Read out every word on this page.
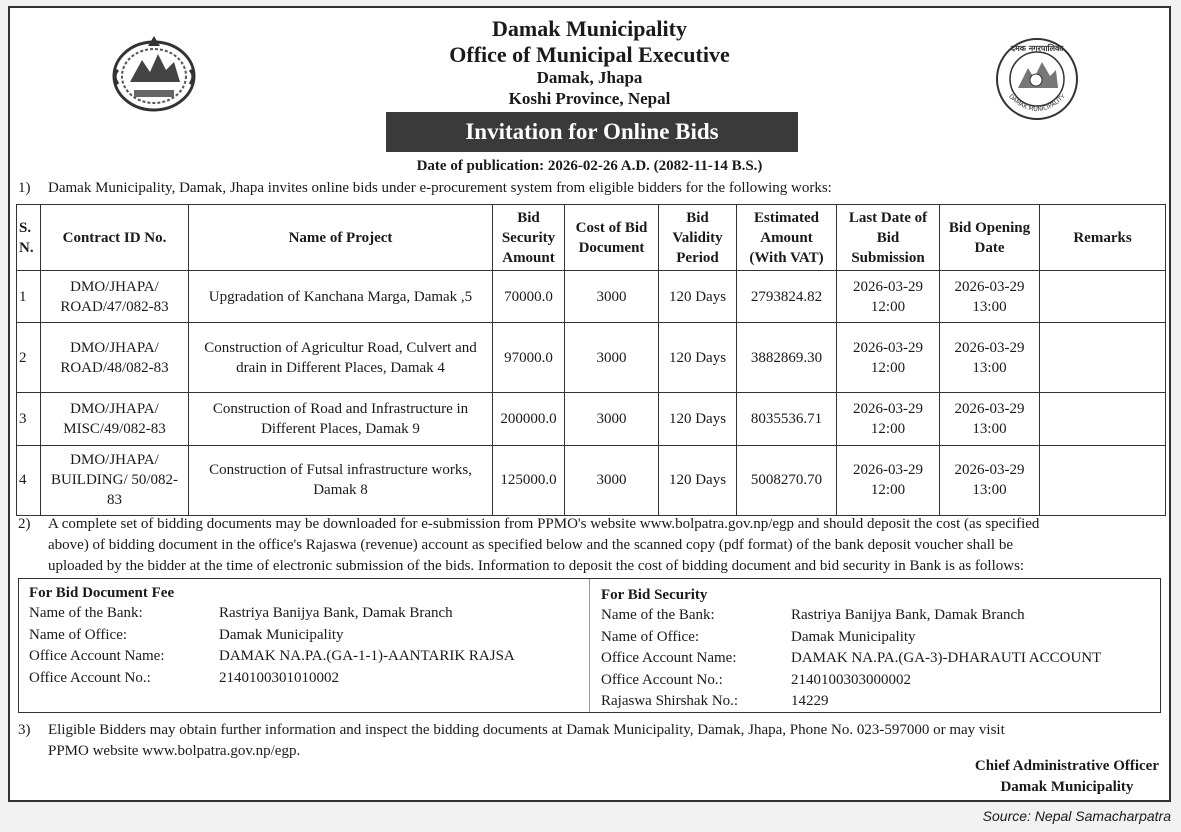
Damak Municipality
Office of Municipal Executive
Damak, Jhapa
Koshi Province, Nepal
दमक नगरपालिका
DAMAK MUNICIPALITY
Invitation for Online Bids
Date of publication: 2026-02-26 A.D. (2082-11-14 B.S.)
1) Damak Municipality, Damak, Jhapa invites online bids under e-procurement system from eligible bidders for the following works:
S. N.	Contract ID No.	Name of Project	Bid Security Amount	Cost of Bid Document	Bid Validity Period	Estimated Amount (With VAT)	Last Date of Bid Submission	Bid Opening Date	Remarks
1	DMO/JHAPA/ ROAD/47/082-83	Upgradation of Kanchana Marga, Damak ,5	70000.0	3000	120 Days	2793824.82	2026-03-29 12:00	2026-03-29 13:00	
2	DMO/JHAPA/ ROAD/48/082-83	Construction of Agricultur Road, Culvert and drain in Different Places, Damak 4	97000.0	3000	120 Days	3882869.30	2026-03-29 12:00	2026-03-29 13:00	
3	DMO/JHAPA/ MISC/49/082-83	Construction of Road and Infrastructure in Different Places, Damak 9	200000.0	3000	120 Days	8035536.71	2026-03-29 12:00	2026-03-29 13:00	
4	DMO/JHAPA/ BUILDING/ 50/082-83	Construction of Futsal infrastructure works, Damak 8	125000.0	3000	120 Days	5008270.70	2026-03-29 12:00	2026-03-29 13:00	
2)	A complete set of bidding documents may be downloaded for e-submission from PPMO's website www.bolpatra.gov.np/egp and should deposit the cost (as specified
above) of bidding document in the office's Rajaswa (revenue) account as specified below and the scanned copy (pdf format) of the bank deposit voucher shall be
uploaded by the bidder at the time of electronic submission of the bids. Information to deposit the cost of bidding document and bid security in Bank is as follows:
For Bid Document Fee
Name of the Bank:	Rastriya Banijya Bank, Damak Branch
Name of Office:	Damak Municipality
Office Account Name:	DAMAK NA.PA.(GA-1-1)-AANTARIK RAJSA
Office Account No.:	2140100301010002
For Bid Security
Name of the Bank:	Rastriya Banijya Bank, Damak Branch
Name of Office:	Damak Municipality
Office Account Name:	DAMAK NA.PA.(GA-3)-DHARAUTI ACCOUNT
Office Account No.:	2140100303000002
Rajaswa Shirshak No.:	14229
3)	Eligible Bidders may obtain further information and inspect the bidding documents at Damak Municipality, Damak, Jhapa, Phone No. 023-597000 or may visit
PPMO website www.bolpatra.gov.np/egp.
Chief Administrative Officer
Damak Municipality
Source: Nepal Samacharpatra
